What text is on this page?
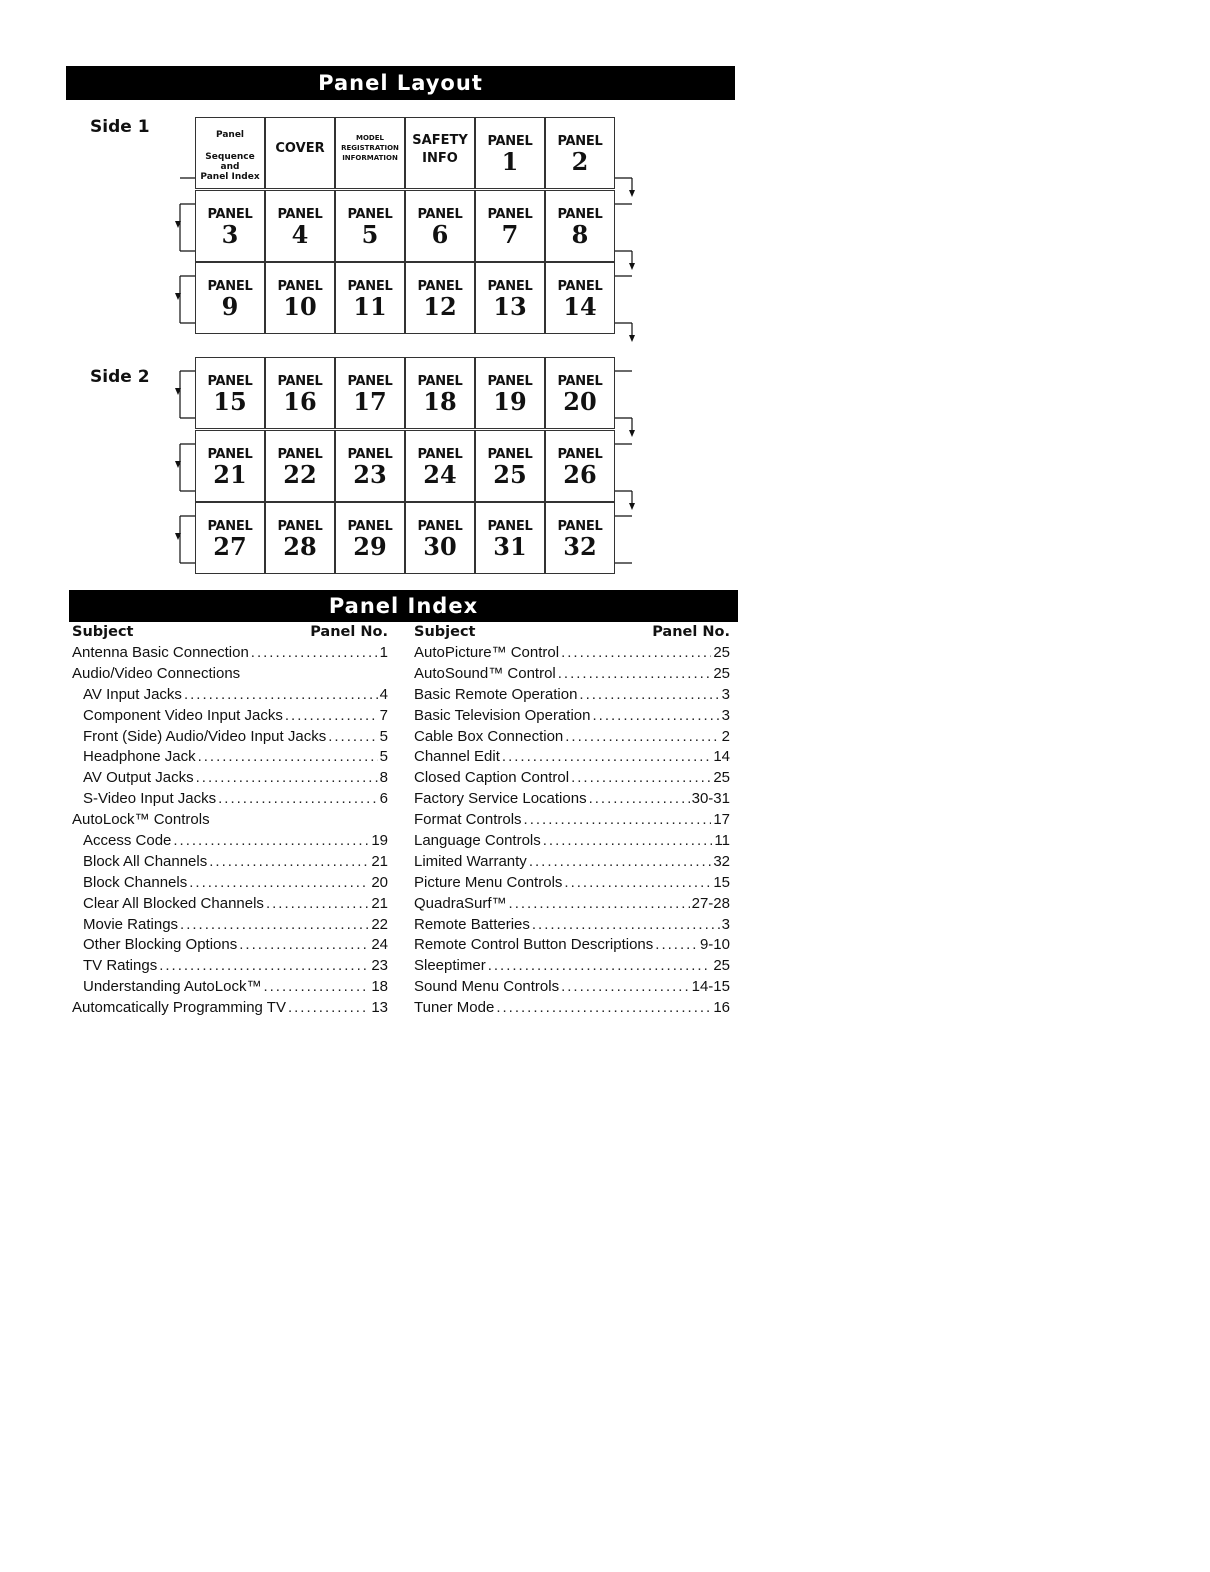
Panel Layout
Side 1
Side 2
Panel
Sequence
and
Panel Index
COVER
MODEL
REGISTRATION
INFORMATION
SAFETY
INFO
PANEL
1
PANEL
2
PANEL
3
PANEL
4
PANEL
5
PANEL
6
PANEL
7
PANEL
8
PANEL
9
PANEL
10
PANEL
11
PANEL
12
PANEL
13
PANEL
14
PANEL
15
PANEL
16
PANEL
17
PANEL
18
PANEL
19
PANEL
20
PANEL
21
PANEL
22
PANEL
23
PANEL
24
PANEL
25
PANEL
26
PANEL
27
PANEL
28
PANEL
29
PANEL
30
PANEL
31
PANEL
32
Panel Index
Subject	Panel No.
Antenna Basic Connection .....	1
Audio/Video Connections
AV Input Jacks .....	4
Component Video Input Jacks .....	7
Front (Side) Audio/Video Input Jacks .....	5
Headphone Jack .....	5
AV Output Jacks .....	8
S-Video Input Jacks .....	6
AutoLock™ Controls
Access Code .....	19
Block All Channels .....	21
Block Channels .....	20
Clear All Blocked Channels .....	21
Movie Ratings .....	22
Other Blocking Options .....	24
TV Ratings .....	23
Understanding AutoLock™ .....	18
Automcatically Programming TV .....	13
Subject	Panel No.
AutoPicture™ Control .....	25
AutoSound™ Control .....	25
Basic Remote Operation .....	3
Basic Television Operation .....	3
Cable Box Connection .....	2
Channel Edit .....	14
Closed Caption Control .....	25
Factory Service Locations .....	30-31
Format Controls .....	17
Language Controls .....	11
Limited Warranty .....	32
Picture Menu Controls .....	15
QuadraSurf™ .....	27-28
Remote Batteries .....	3
Remote Control Button Descriptions .....	9-10
Sleeptimer .....	25
Sound Menu Controls .....	14-15
Tuner Mode .....	16
